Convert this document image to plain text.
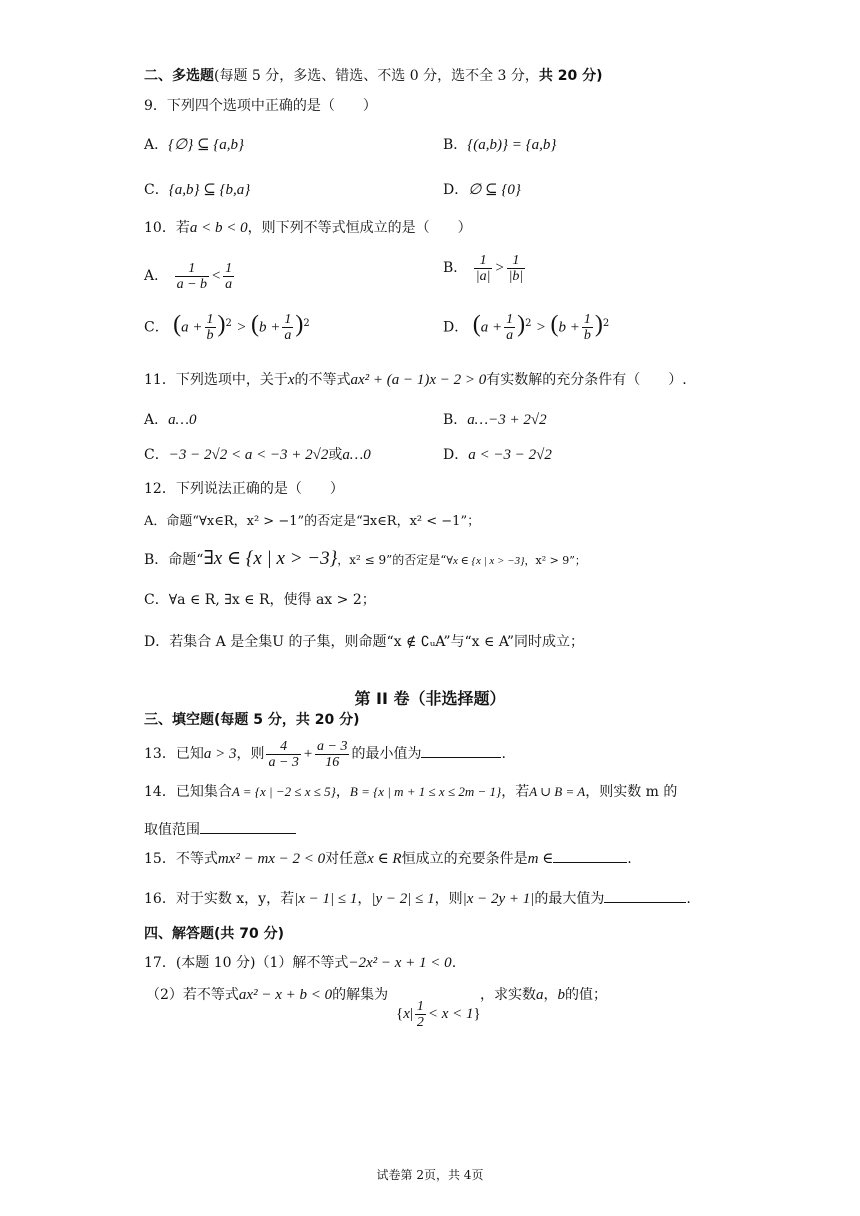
二、多选题(每题 5 分，多选、错选、不选 0 分，选不全 3 分，共 20 分)
9．下列四个选项中正确的是（　　）
A．{∅} ⊆ {a,b}	B．{(a,b)} = {a,b}
C．{a,b} ⊆ {b,a}	D．∅ ⊆ {0}
10．若a < b < 0，则下列不等式恒成立的是（　　）
A． $\frac{1}{a - b} < \frac{1}{a}$	B． $\frac{1}{|a|} > \frac{1}{|b|}$
C． $(a + \frac{1}{b} )^2 > (b + \frac{1}{a} )^2$	D． $(a + \frac{1}{a} )^2 > (b + \frac{1}{b} )^2$
11．下列选项中，关于x的不等式ax² + (a − 1)x − 2 > 0有实数解的充分条件有（　　）.
A．a…0	B．a…−3 + 2√2
C．−3 − 2√2 < a < −3 + 2√2或a…0	D．a < −3 − 2√2
12．下列说法正确的是（　　）
A．命题“∀x∈R，x² > −1”的否定是“∃x∈R，x² < −1”；
B．命题“∃x ∈ {x | x > −3}，x² ≤ 9”的否定是“∀x ∈ {x | x > −3}，x² > 9”；
C．∀a ∈ R, ∃x ∈ R，使得 ax > 2；
D．若集合 A 是全集U 的子集，则命题“x ∉ ∁ᵤA”与“x ∈ A”同时成立；
第 II 卷（非选择题）
三、填空题(每题 5 分，共 20 分)
13．已知a > 3，则 $\frac{4}{a - 3} + \frac{a - 3}{16}$ 的最小值为	.
14．已知集合A = {x | −2 ≤ x ≤ 5}，B = {x | m + 1 ≤ x ≤ 2m − 1}，若A ∪ B = A，则实数 m 的
取值范围
15．不等式mx² − mx − 2 < 0对任意x ∈ R恒成立的充要条件是m ∈	.
16．对于实数 x，y，若|x − 1| ≤ 1，|y − 2| ≤ 1，则|x − 2y + 1|的最大值为	.
四、解答题(共 70 分)
17．(本题 10 分)（1）解不等式−2x² − x + 1 < 0.
（2）若不等式ax² − x + b < 0的解集为
$\{x| \frac{1}{2} < x < 1\}$
，求实数a，b的值；
试卷第 2页，共 4页
